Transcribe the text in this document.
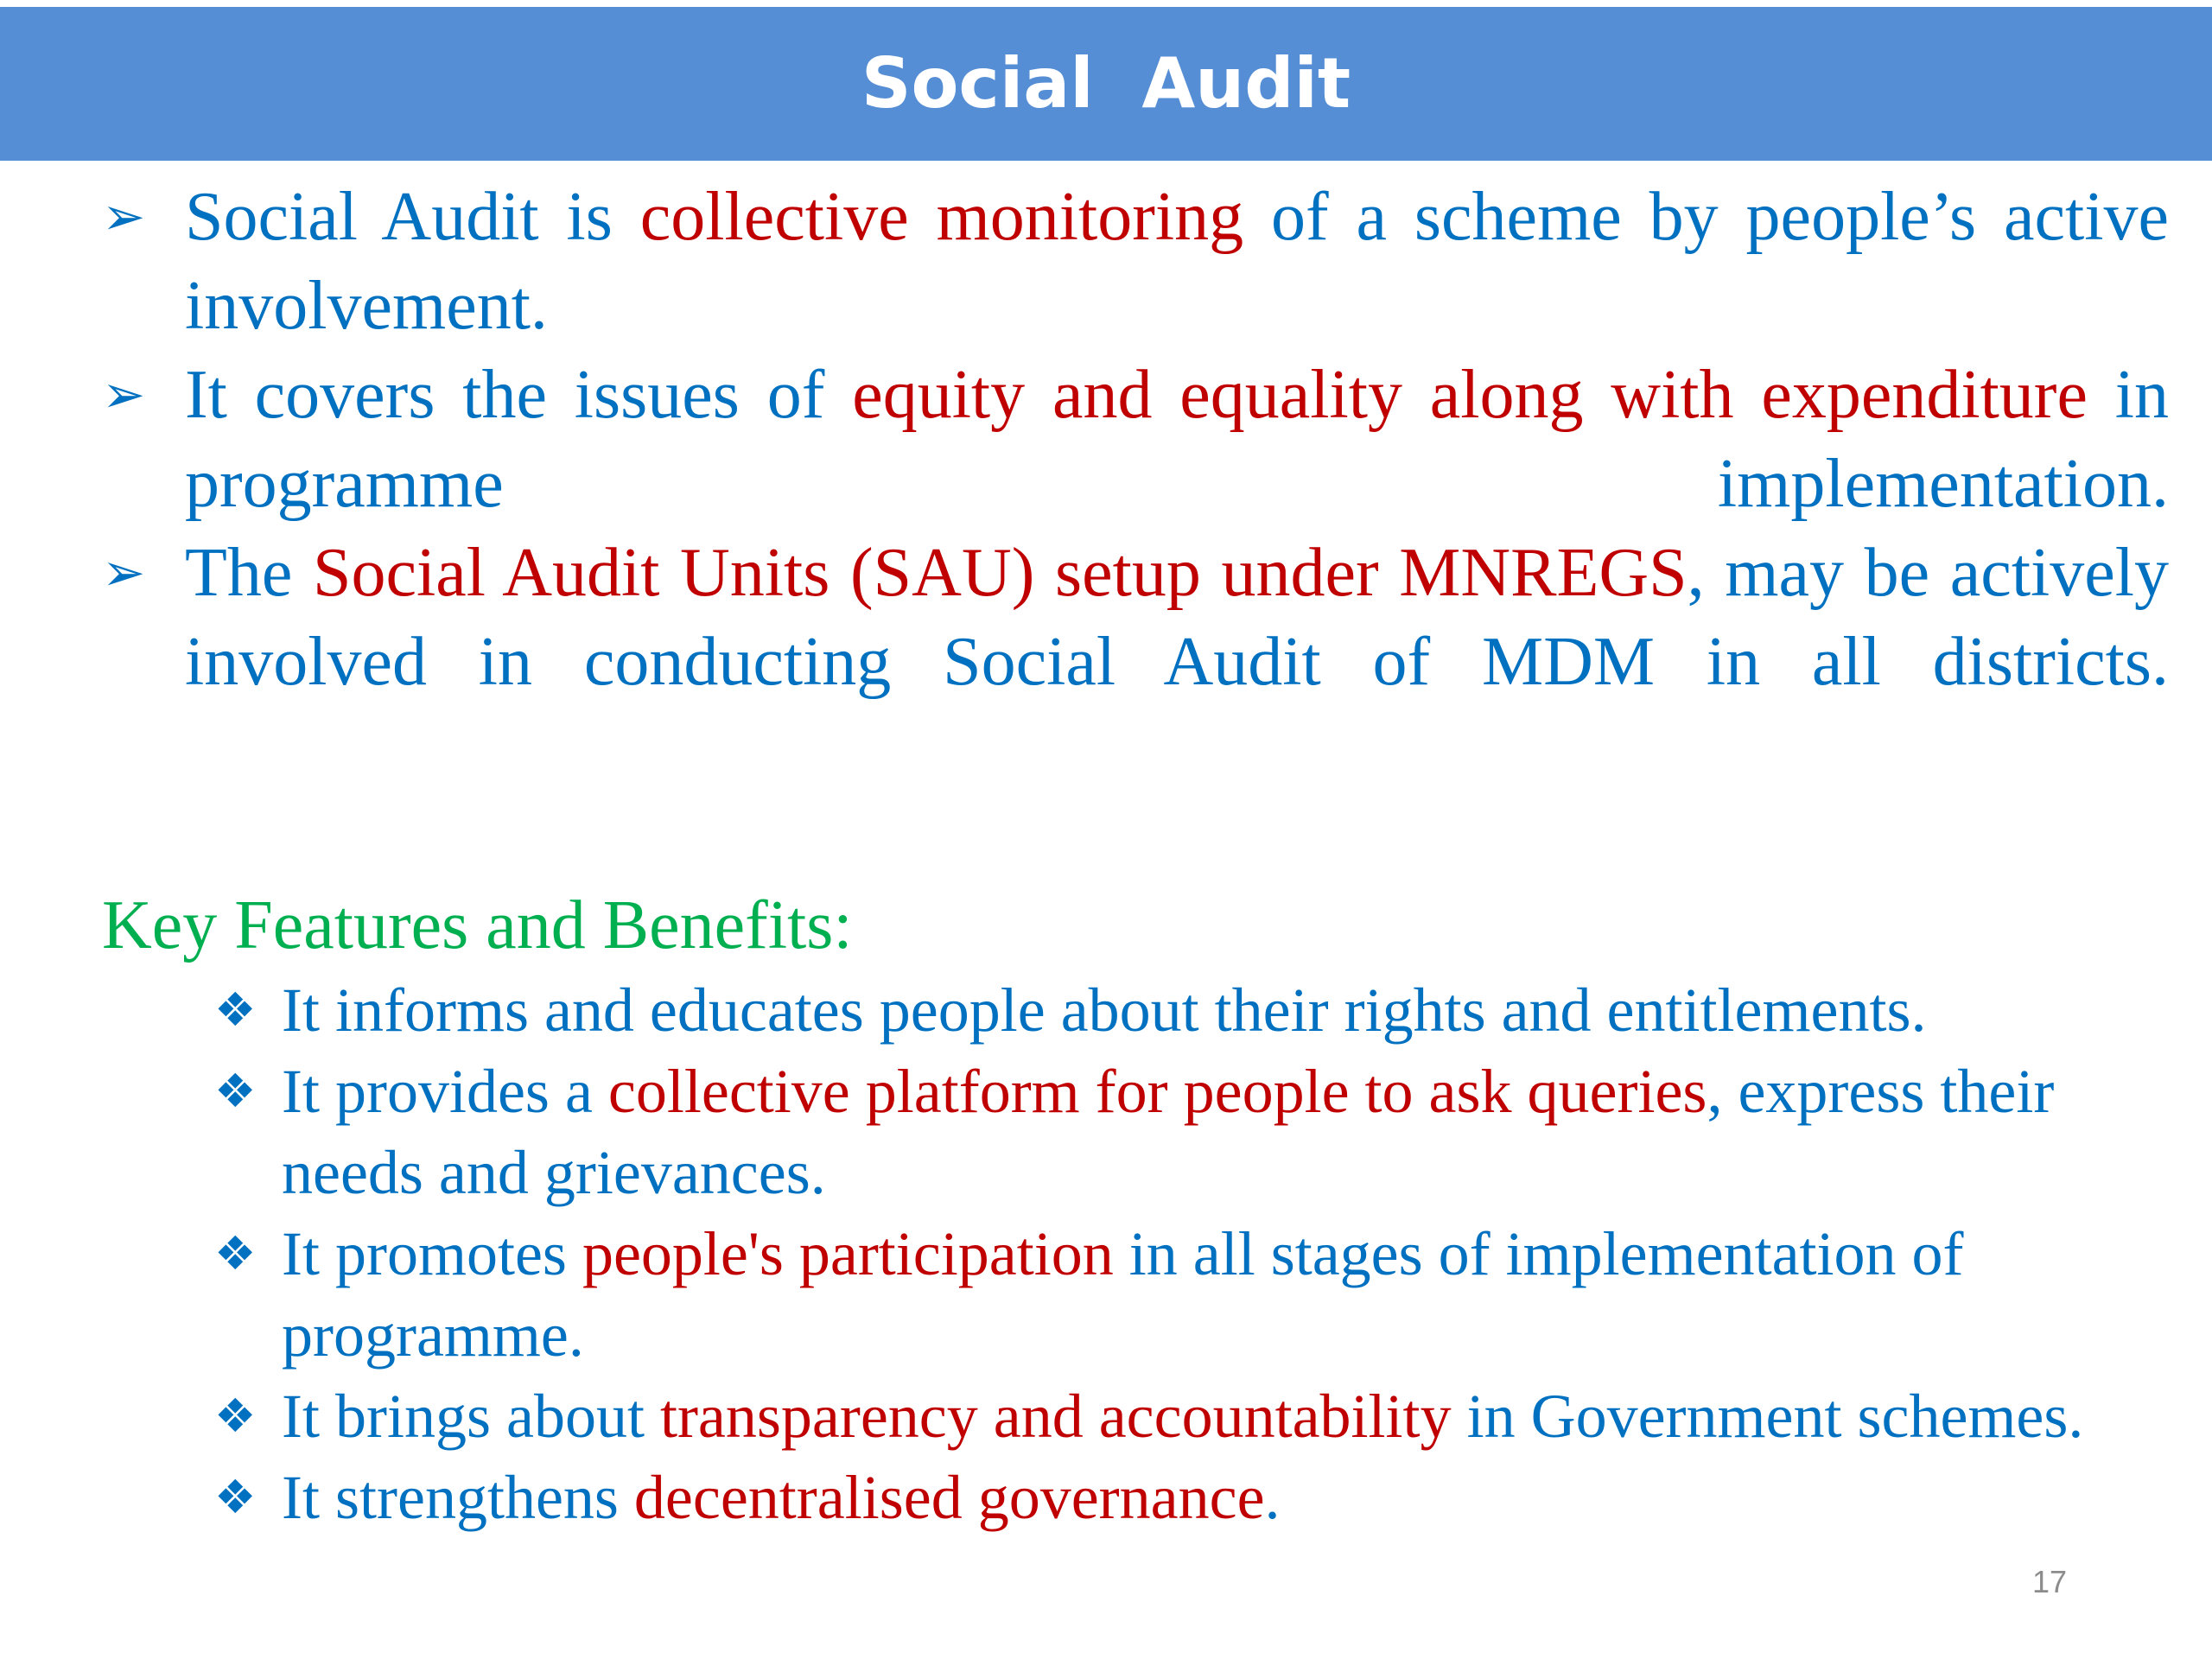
Social  Audit
➢ Social Audit is collective monitoring of a scheme by people’s active involvement.
➢ It covers the issues of equity and equality along with expenditure in programme implementation.
➢ The Social Audit Units (SAU) setup under MNREGS, may be actively involved in conducting Social Audit of MDM in all districts.
Key Features and Benefits:
❖ It informs and educates people about their rights and entitlements.
❖ It provides a collective platform for people to ask queries, express their needs and grievances.
❖ It promotes people's participation in all stages of implementation of programme.
❖ It brings about transparency and accountability in Government schemes.
❖ It strengthens decentralised governance.
17
